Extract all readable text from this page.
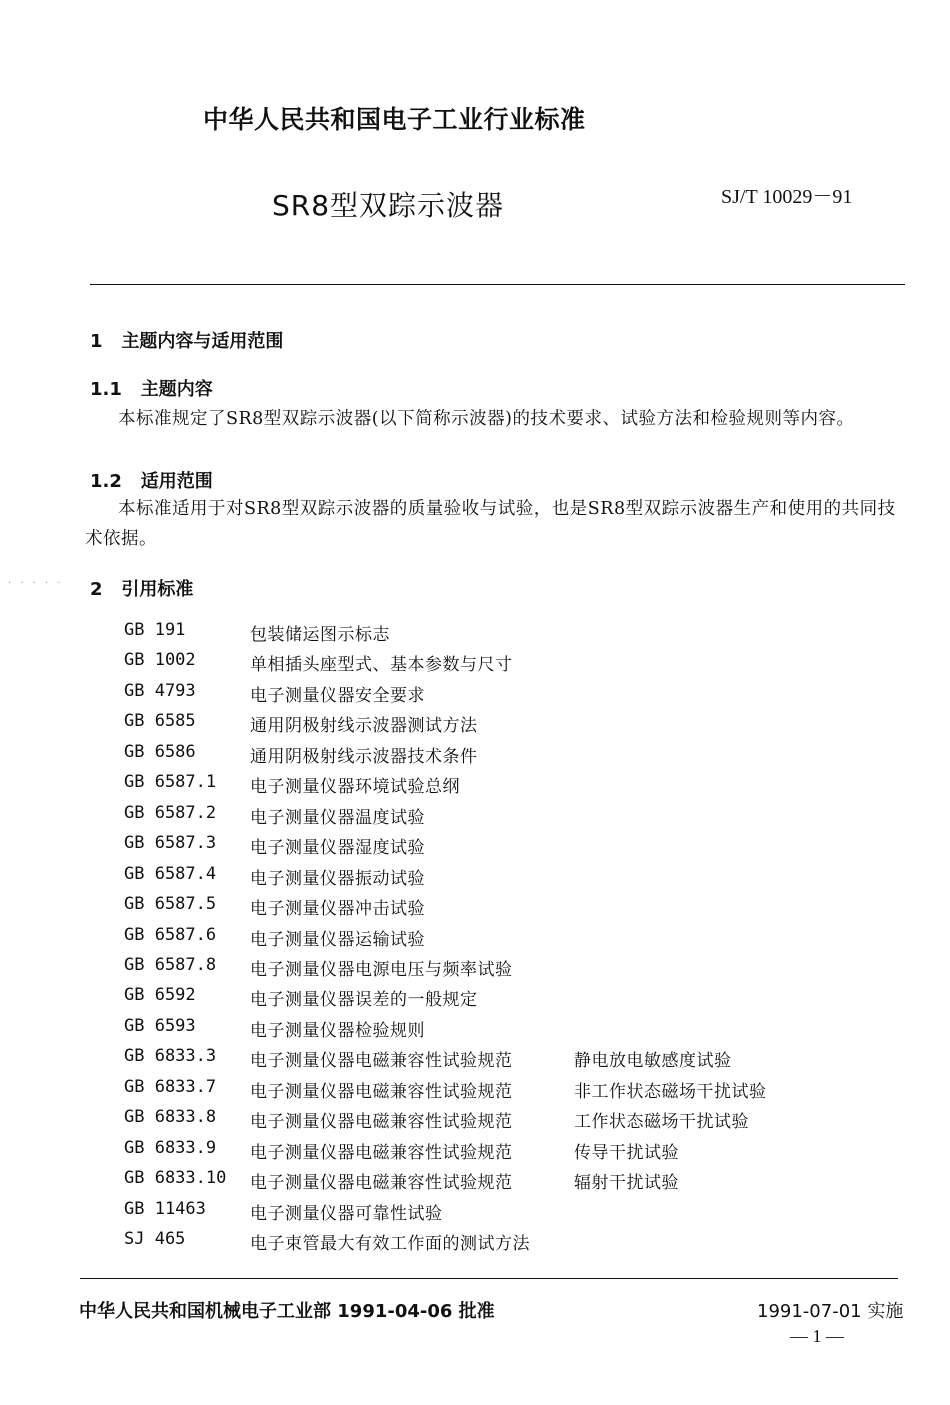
中华人民共和国电子工业行业标准
SR8型双踪示波器	SJ/T 10029－91
1 主题内容与适用范围
1.1 主题内容
本标准规定了SR8型双踪示波器(以下简称示波器)的技术要求、试验方法和检验规则等内容。
1.2 适用范围
本标准适用于对SR8型双踪示波器的质量验收与试验，也是SR8型双踪示波器生产和使用的共同技术依据。
· · · · · 2 引用标准
GB 191	包装储运图示标志
GB 1002	单相插头座型式、基本参数与尺寸
GB 4793	电子测量仪器安全要求
GB 6585	通用阴极射线示波器测试方法
GB 6586	通用阴极射线示波器技术条件
GB 6587.1 电子测量仪器环境试验总纲
GB 6587.2 电子测量仪器温度试验
GB 6587.3 电子测量仪器湿度试验
GB 6587.4 电子测量仪器振动试验
GB 6587.5 电子测量仪器冲击试验
GB 6587.6 电子测量仪器运输试验
GB 6587.8 电子测量仪器电源电压与频率试验
GB 6592	电子测量仪器误差的一般规定
GB 6593	电子测量仪器检验规则
GB 6833.3 电子测量仪器电磁兼容性试验规范	静电放电敏感度试验
GB 6833.7 电子测量仪器电磁兼容性试验规范	非工作状态磁场干扰试验
GB 6833.8 电子测量仪器电磁兼容性试验规范	工作状态磁场干扰试验
GB 6833.9 电子测量仪器电磁兼容性试验规范	传导干扰试验
GB 6833.10 电子测量仪器电磁兼容性试验规范	辐射干扰试验
GB 11463	电子测量仪器可靠性试验
SJ 465	电子束管最大有效工作面的测试方法
中华人民共和国机械电子工业部 1991-04-06 批准	1991-07-01 实施
— 1 —
